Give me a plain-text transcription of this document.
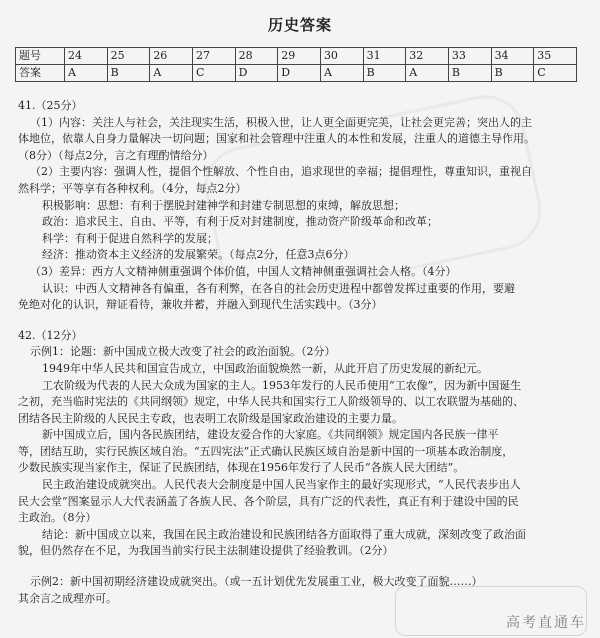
历史答案
题号	24	25	26	27	28	29	30	31	32	33	34	35
答案	A	B	A	C	D	D	A	B	A	B	B	C

41.（25分）

（1）内容：关注人与社会，关注现实生活，积极入世，让人更全面更完美，让社会更完善；突出人的主

体地位，依靠人自身力量解决一切问题；国家和社会管理中注重人的本性和发展，注重人的道德主导作用。

（8分）（每点2分，言之有理酌情给分）

（2）主要内容：强调人性，提倡个性解放、个性自由，追求现世的幸福；提倡理性，尊重知识，重视自

然科学；平等享有各种权利。（4分，每点2分）

积极影响：思想：有利于摆脱封建神学和封建专制思想的束缚，解放思想；

政治：追求民主、自由、平等，有利于反对封建制度，推动资产阶级革命和改革；

科学：有利于促进自然科学的发展；

经济：推动资本主义经济的发展繁荣。（每点2分，任意3点6分）

（3）差异：西方人文精神侧重强调个体价值，中国人文精神侧重强调社会人格。（4分）

认识：中西人文精神各有偏重，各有利弊，在各自的社会历史进程中都曾发挥过重要的作用，要避

免绝对化的认识，辩证看待，兼收并蓄，并融入到现代生活实践中。（3分）

42.（12分）

示例1：论题：新中国成立极大改变了社会的政治面貌。（2分）

1949年中华人民共和国宣告成立，中国政治面貌焕然一新，从此开启了历史发展的新纪元。

工农阶级为代表的人民大众成为国家的主人。1953年发行的人民币使用“工农像”，因为新中国诞生

之初，充当临时宪法的《共同纲领》规定，中华人民共和国实行工人阶级领导的、以工农联盟为基础的、

团结各民主阶级的人民民主专政，也表明工农阶级是国家政治建设的主要力量。

新中国成立后，国内各民族团结，建设友爱合作的大家庭。《共同纲领》规定国内各民族一律平

等，团结互助，实行民族区域自治。“五四宪法”正式确认民族区域自治是新中国的一项基本政治制度，

少数民族实现当家作主，保证了民族团结，体现在1956年发行了人民币“各族人民大团结”。

民主政治建设成就突出。人民代表大会制度是中国人民当家作主的最好实现形式，“人民代表步出人

民大会堂”图案显示人大代表涵盖了各族人民、各个阶层，具有广泛的代表性，真正有利于建设中国的民

主政治。（8分）

结论：新中国成立以来，我国在民主政治建设和民族团结各方面取得了重大成就，深刻改变了政治面

貌，但仍然存在不足，为我国当前实行民主法制建设提供了经验教训。（2分）

示例2：新中国初期经济建设成就突出。（或一五计划优先发展重工业，极大改变了面貌……）

其余言之成理亦可。

高考直通车
